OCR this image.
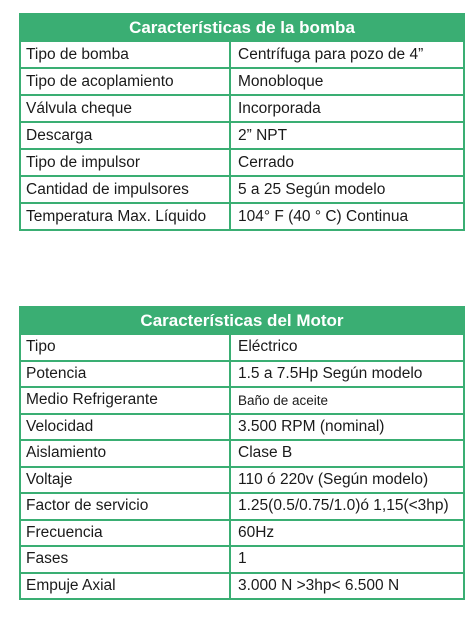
Características de la bomba
Tipo de bomba	Centrífuga para pozo de 4”
Tipo de acoplamiento	Monobloque
Válvula cheque	Incorporada
Descarga	2” NPT
Tipo de impulsor	Cerrado
Cantidad de impulsores	5 a 25 Según modelo
Temperatura Max. Líquido	104° F (40 ° C) Continua
Características del Motor
Tipo	Eléctrico
Potencia	1.5 a 7.5Hp Según modelo
Medio Refrigerante	Baño de aceite
Velocidad	3.500 RPM (nominal)
Aislamiento	Clase B
Voltaje	110 ó 220v (Según modelo)
Factor de servicio	1.25(0.5/0.75/1.0)ó 1,15(<3hp)
Frecuencia	60Hz
Fases	1
Empuje Axial	3.000 N >3hp< 6.500 N
